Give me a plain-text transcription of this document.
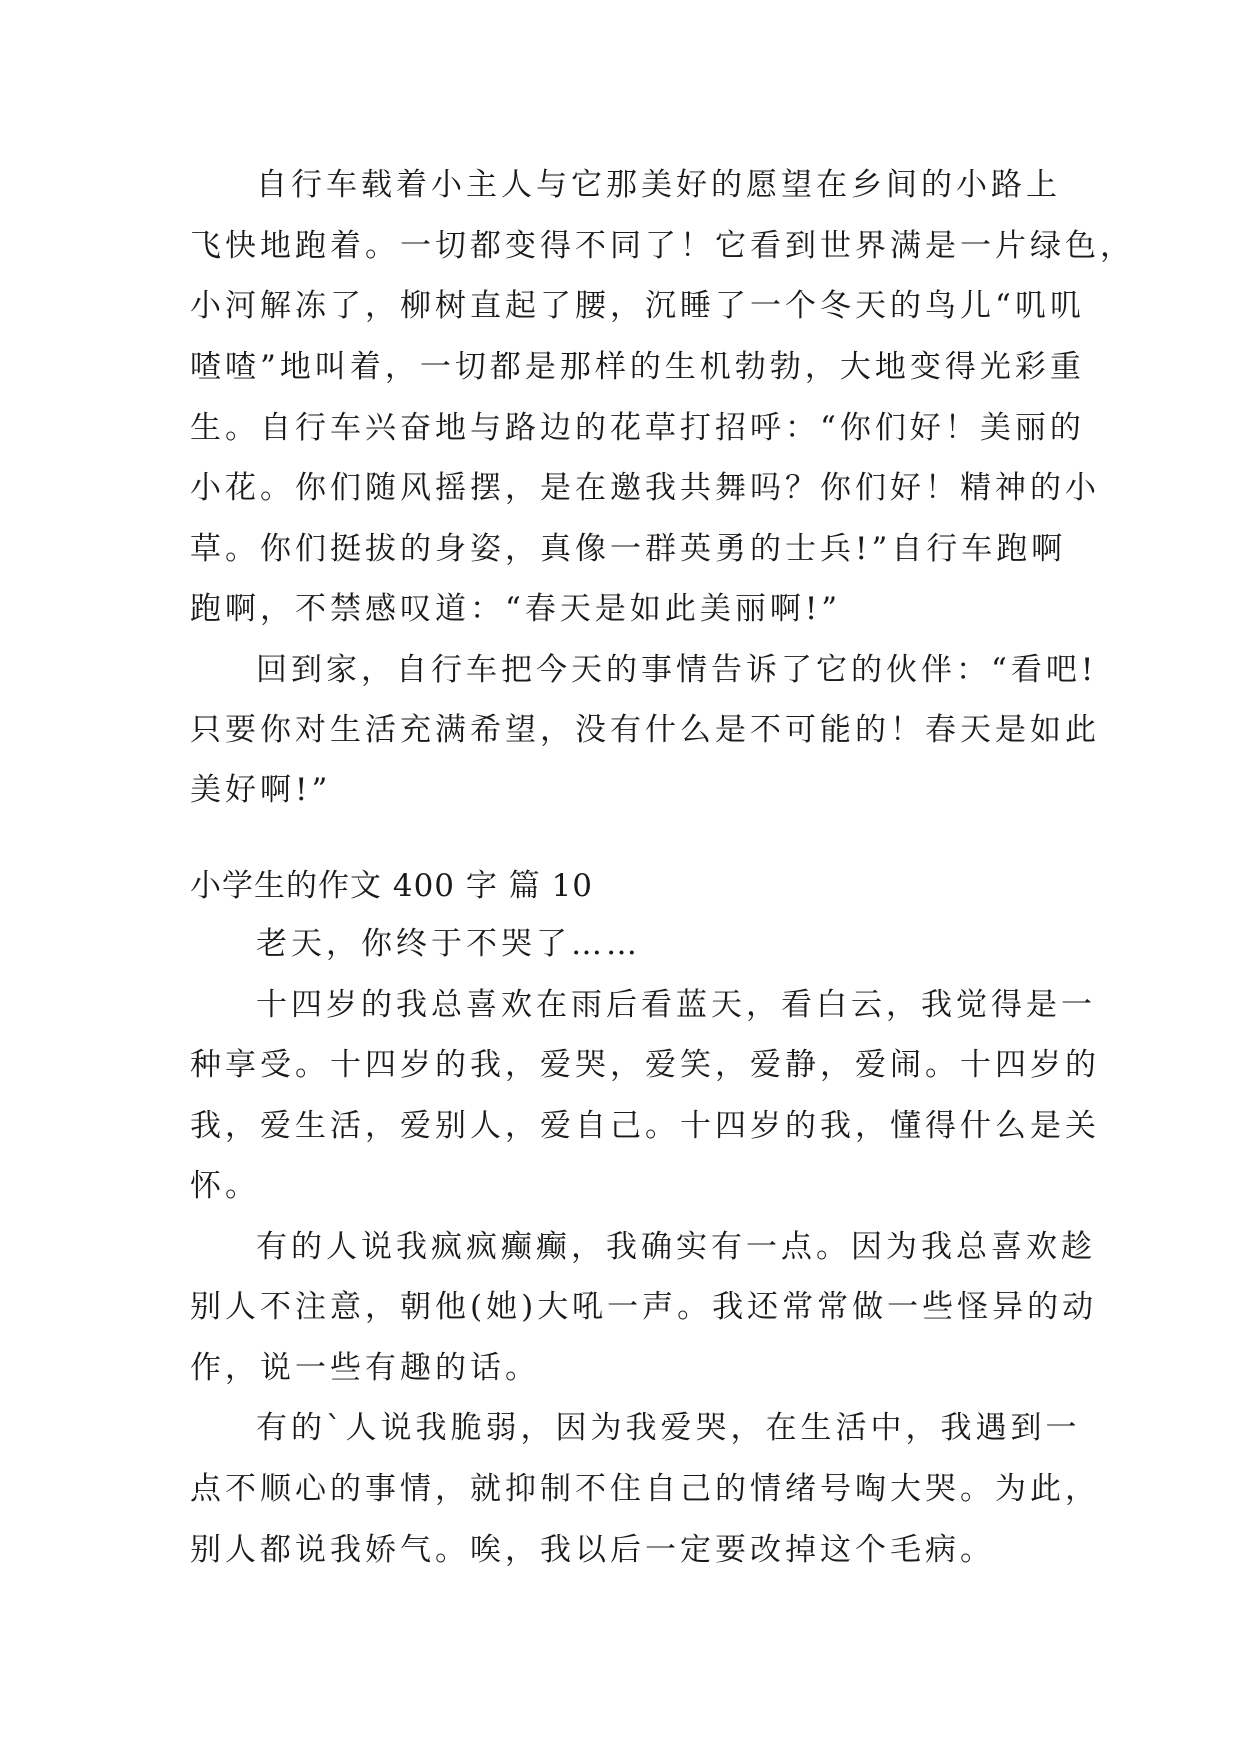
自行车载着小主人与它那美好的愿望在乡间的小路上
飞快地跑着。一切都变得不同了！它看到世界满是一片绿色，
小河解冻了，柳树直起了腰，沉睡了一个冬天的鸟儿“叽叽
喳喳”地叫着，一切都是那样的生机勃勃，大地变得光彩重
生。自行车兴奋地与路边的花草打招呼：“你们好！美丽的
小花。你们随风摇摆，是在邀我共舞吗？你们好！精神的小
草。你们挺拔的身姿，真像一群英勇的士兵!”自行车跑啊
跑啊，不禁感叹道：“春天是如此美丽啊!”
回到家，自行车把今天的事情告诉了它的伙伴：“看吧!
只要你对生活充满希望，没有什么是不可能的！春天是如此
美好啊!”
小学生的作文 400 字 篇 10
老天，你终于不哭了……
十四岁的我总喜欢在雨后看蓝天，看白云，我觉得是一
种享受。十四岁的我，爱哭，爱笑，爱静，爱闹。十四岁的
我，爱生活，爱别人，爱自己。十四岁的我，懂得什么是关
怀。
有的人说我疯疯癫癫，我确实有一点。因为我总喜欢趁
别人不注意，朝他(她)大吼一声。我还常常做一些怪异的动
作，说一些有趣的话。
有的`人说我脆弱，因为我爱哭，在生活中，我遇到一
点不顺心的事情，就抑制不住自己的情绪号啕大哭。为此，
别人都说我娇气。唉，我以后一定要改掉这个毛病。
